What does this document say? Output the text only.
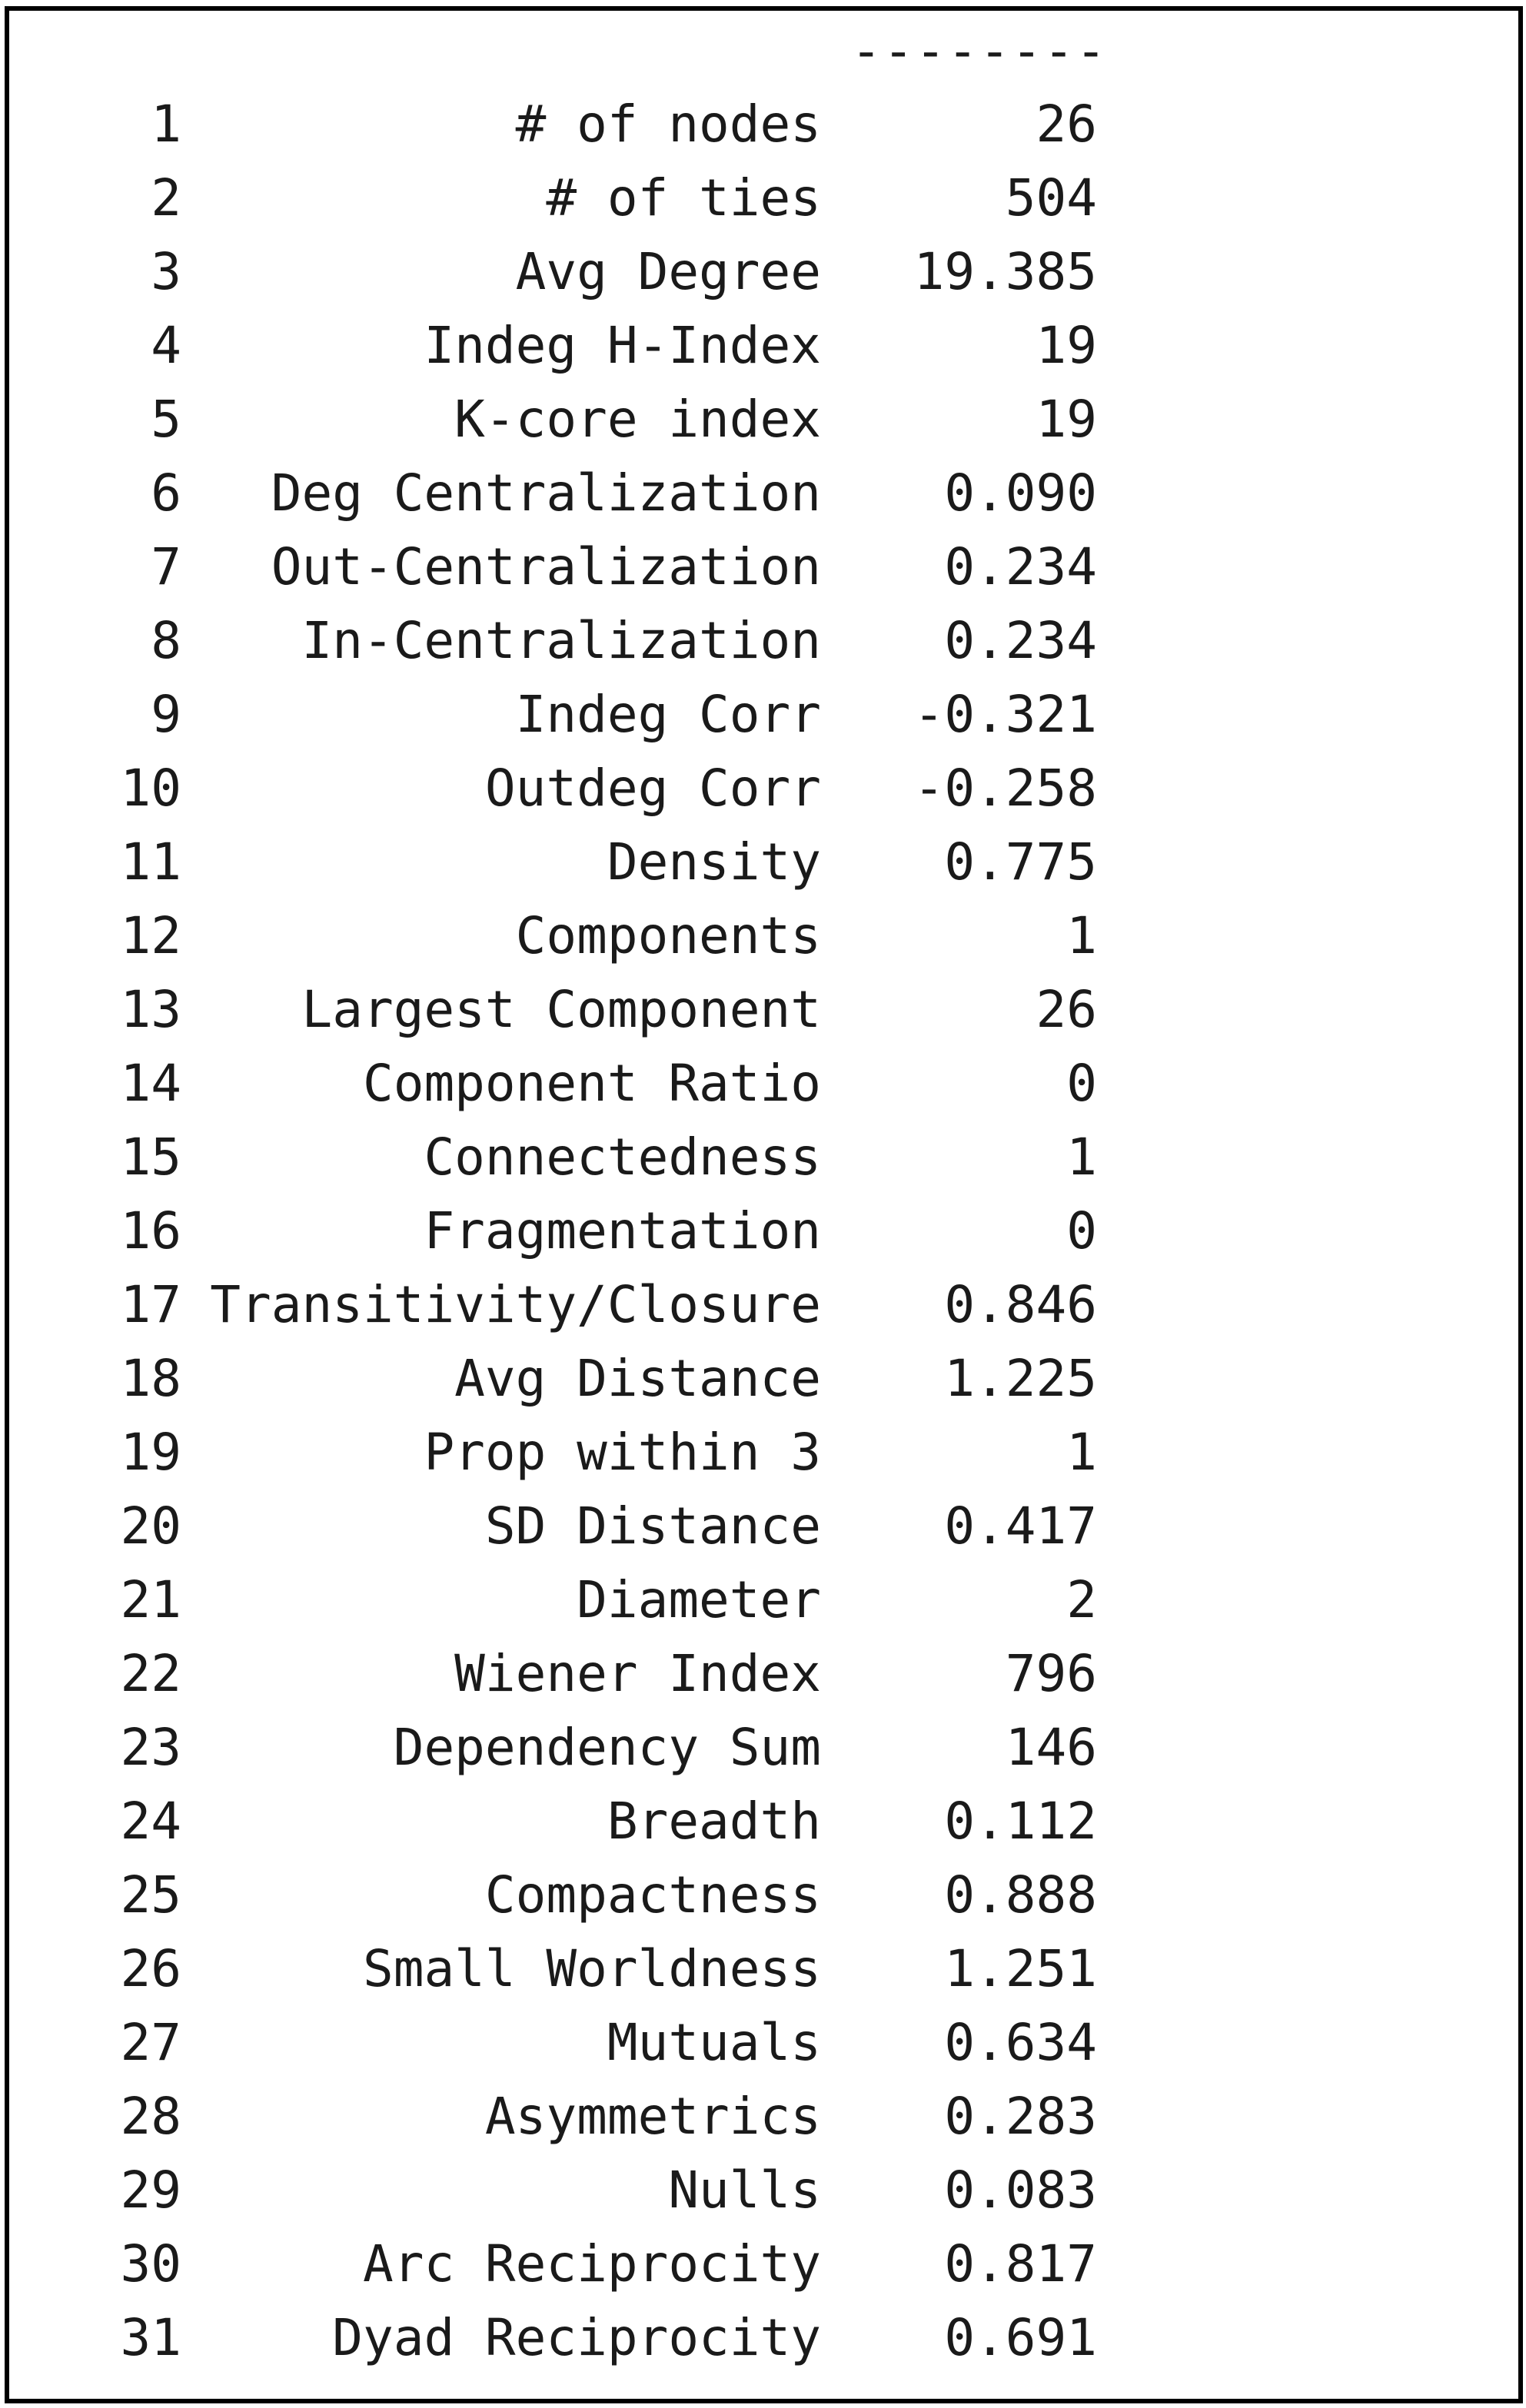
--------
1	# of nodes	26
2	# of ties	504
3	Avg Degree	19.385
4	Indeg H-Index	19
5	K-core index	19
6	Deg Centralization	0.090
7	Out-Centralization	0.234
8	In-Centralization	0.234
9	Indeg Corr	-0.321
10	Outdeg Corr	-0.258
11	Density	0.775
12	Components	1
13	Largest Component	26
14	Component Ratio	0
15	Connectedness	1
16	Fragmentation	0
17 Transitivity/Closure	0.846
18	Avg Distance	1.225
19	Prop within 3	1
20	SD Distance	0.417
21	Diameter	2
22	Wiener Index	796
23	Dependency Sum	146
24	Breadth	0.112
25	Compactness	0.888
26	Small Worldness	1.251
27	Mutuals	0.634
28	Asymmetrics	0.283
29	Nulls	0.083
30	Arc Reciprocity	0.817
31	Dyad Reciprocity	0.691
